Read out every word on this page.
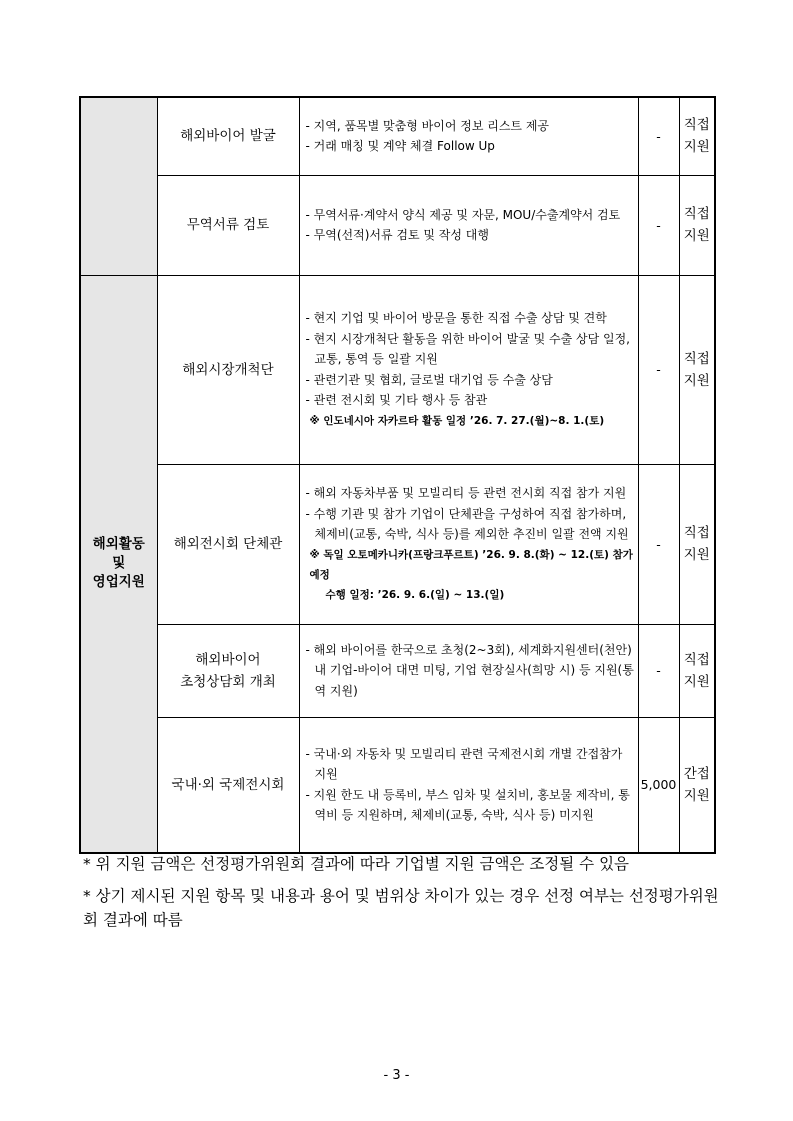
	해외바이어 발굴	- 지역, 품목별 맞춤형 바이어 정보 리스트 제공
- 거래 매칭 및 계약 체결 Follow Up	-	직접
지원
	무역서류 검토	- 무역서류·계약서 양식 제공 및 자문, MOU/수출계약서 검토
- 무역(선적)서류 검토 및 작성 대행	-	직접
지원
해외활동
및
영업지원	해외시장개척단	- 현지 기업 및 바이어 방문을 통한 직접 수출 상담 및 견학
- 현지 시장개척단 활동을 위한 바이어 발굴 및 수출 상담 일정, 교통, 통역 등 일괄 지원
- 관련기관 및 협회, 글로벌 대기업 등 수출 상담
- 관련 전시회 및 기타 행사 등 참관
※ 인도네시아 자카르타 활동 일정 ’26. 7. 27.(월)~8. 1.(토)	-	직접
지원
	해외전시회 단체관	- 해외 자동차부품 및 모빌리티 등 관련 전시회 직접 참가 지원
- 수행 기관 및 참가 기업이 단체관을 구성하여 직접 참가하며, 체제비(교통, 숙박, 식사 등)를 제외한 추진비 일괄 전액 지원
※ 독일 오토메카니카(프랑크푸르트) ’26. 9. 8.(화) ~ 12.(토) 참가 예정
수행 일정: ’26. 9. 6.(일) ~ 13.(일)	-	직접
지원
	해외바이어
초청상담회 개최	- 해외 바이어를 한국으로 초청(2~3회), 세계화지원센터(천안) 내 기업-바이어 대면 미팅, 기업 현장실사(희망 시) 등 지원(통역 지원)	-	직접
지원
	국내·외 국제전시회	- 국내·외 자동차 및 모빌리티 관련 국제전시회 개별 간접참가 지원
- 지원 한도 내 등록비, 부스 임차 및 설치비, 홍보물 제작비, 통역비 등 지원하며, 체제비(교통, 숙박, 식사 등) 미지원	5,000	간접
지원
* 위 지원 금액은 선정평가위원회 결과에 따라 기업별 지원 금액은 조정될 수 있음
* 상기 제시된 지원 항목 및 내용과 용어 및 범위상 차이가 있는 경우 선정 여부는 선정평가위원회 결과에 따름
- 3 -
